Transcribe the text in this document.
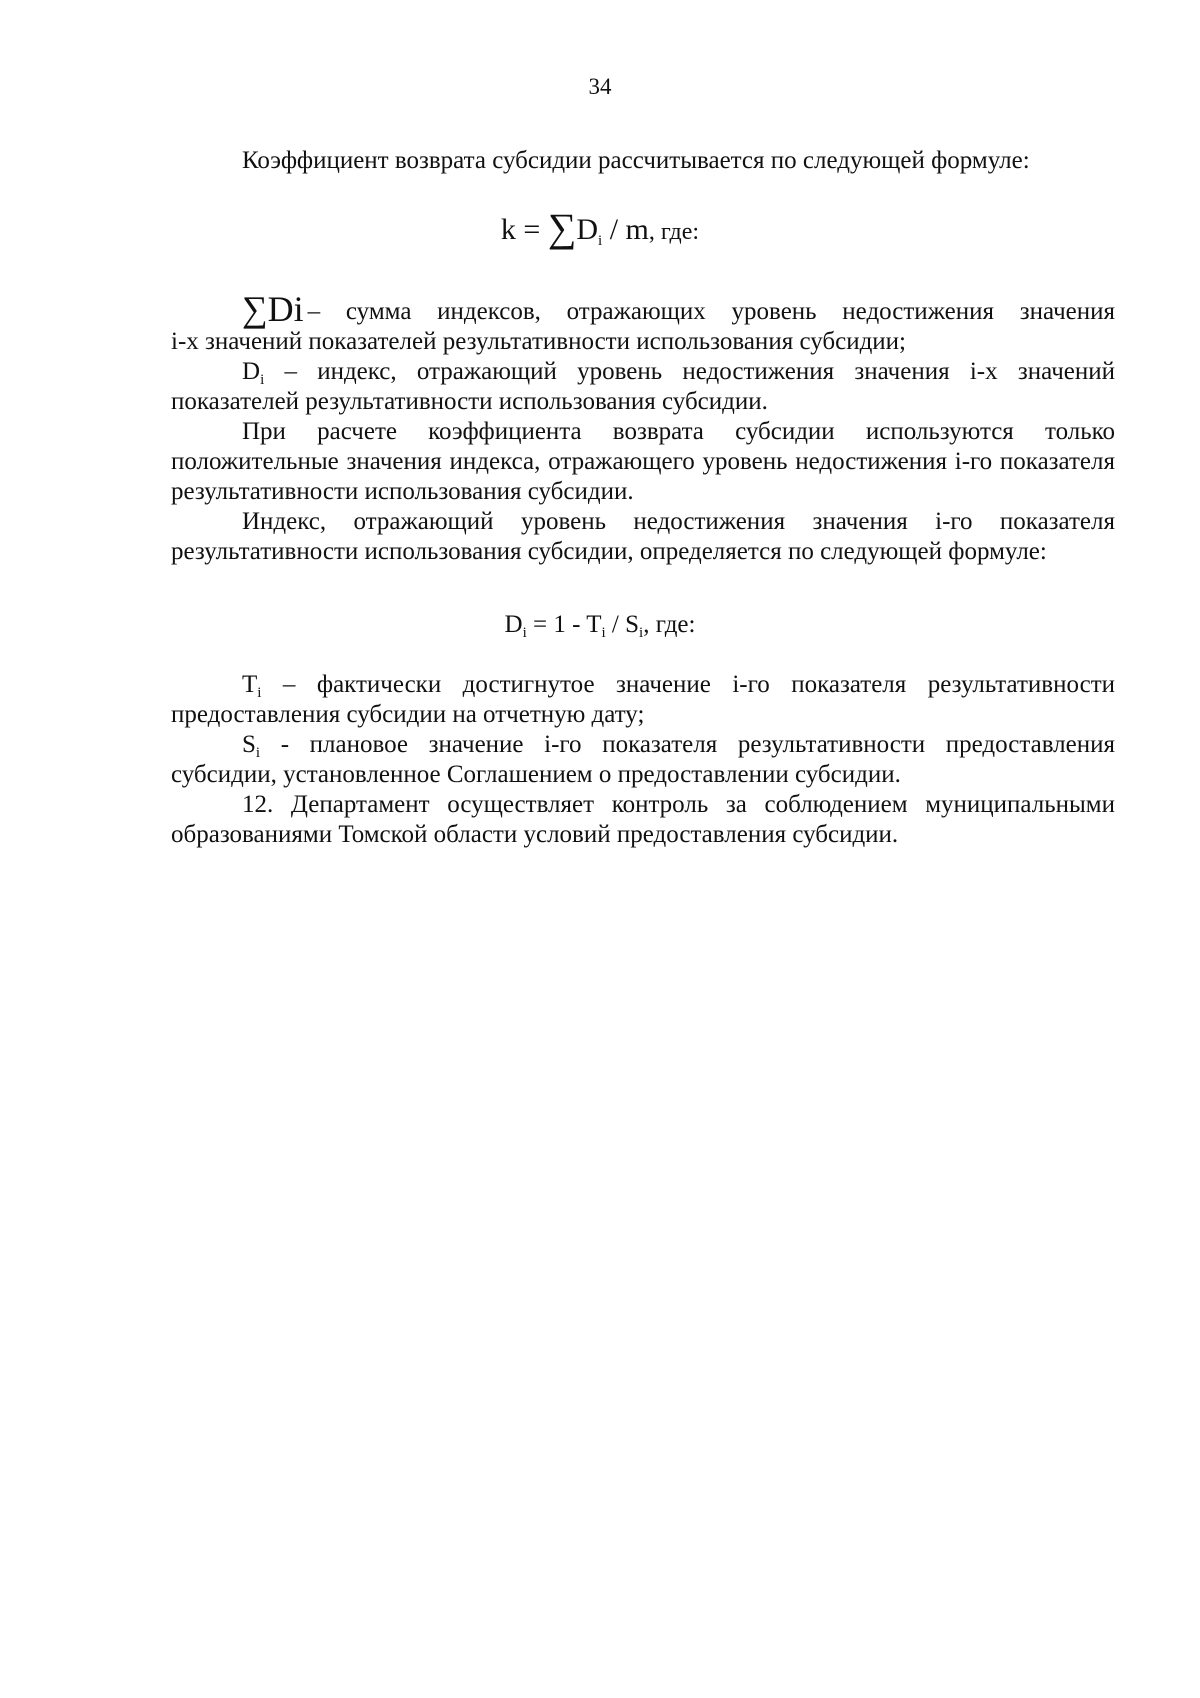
34
Коэффициент возврата субсидии рассчитывается по следующей формуле:
$k = \sum D_i / m$, где:
∑Di – сумма индексов, отражающих уровень недостижения значения

i-х значений показателей результативности использования субсидии;

$D_i$ – индекс, отражающий уровень недостижения значения i-х значений показателей результативности использования субсидии.

При расчете коэффициента возврата субсидии используются только положительные значения индекса, отражающего уровень недостижения i-го показателя результативности использования субсидии.

Индекс, отражающий уровень недостижения значения i-го показателя результативности использования субсидии, определяется по следующей формуле:

$D_i = 1 - T_i / S_i$, где:

$T_i$ – фактически достигнутое значение i-го показателя результативности предоставления субсидии на отчетную дату;

$S_i$ - плановое значение i-го показателя результативности предоставления субсидии, установленное Соглашением о предоставлении субсидии.

12. Департамент осуществляет контроль за соблюдением муниципальными образованиями Томской области условий предоставления субсидии.
